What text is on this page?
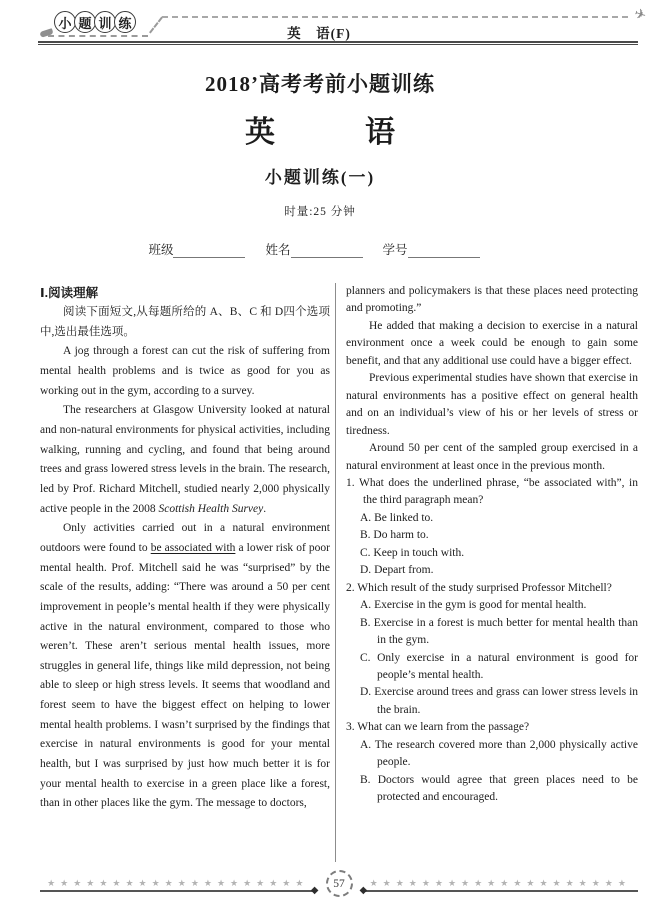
小 题 训 练	✈
英　语(F)
2018’高考考前小题训练
英　　　语
小题训练(一)
时量:25 分钟
班级	姓名	学号
Ⅰ.阅读理解
阅读下面短文,从每题所给的 A、B、C 和 D四个选项中,选出最佳选项。
A jog through a forest can cut the risk of suffering from mental health problems and is twice as good for you as working out in the gym, according to a survey.
The researchers at Glasgow University looked at natural and non-natural environments for physical activities, including walking, running and cycling, and found that being around trees and grass lowered stress levels in the brain. The research, led by Prof. Richard Mitchell, studied nearly 2,000 physically active people in the 2008 Scottish Health Survey.
Only activities carried out in a natural environment outdoors were found to be associated with a lower risk of poor mental health. Prof. Mitchell said he was “surprised” by the scale of the results, adding: “There was around a 50 per cent improvement in people’s mental health if they were physically active in the natural environment, compared to those who weren’t. These aren’t serious mental health issues, more struggles in general life, things like mild depression, not being able to sleep or high stress levels. It seems that woodland and forest seem to have the biggest effect on helping to lower mental health problems. I wasn’t surprised by the findings that exercise in natural environments is good for your mental health, but I was surprised by just how much better it is for your mental health to exercise in a green place like a forest, than in other places like the gym. The message to doctors,
planners and policymakers is that these places need protecting and promoting.”
He added that making a decision to exercise in a natural environment once a week could be enough to gain some benefit, and that any additional use could have a bigger effect.
Previous experimental studies have shown that exercise in natural environments has a positive effect on general health and on an individual’s view of his or her levels of stress or tiredness.
Around 50 per cent of the sampled group exercised in a natural environment at least once in the previous month.
1. What does the underlined phrase, “be associated with”, in the third paragraph mean?
A. Be linked to.
B. Do harm to.
C. Keep in touch with.
D. Depart from.
2. Which result of the study surprised Professor Mitchell?
A. Exercise in the gym is good for mental health.
B. Exercise in a forest is much better for mental health than in the gym.
C. Only exercise in a natural environment is good for people’s mental health.
D. Exercise around trees and grass can lower stress levels in the brain.
3. What can we learn from the passage?
A. The research covered more than 2,000 physically active people.
B. Doctors would agree that green places need to be protected and encouraged.
★★★★★★★★★★★★★★★★★★★★
◆
57	★★★★★★★★★★★★★★★★★★★★
◆
